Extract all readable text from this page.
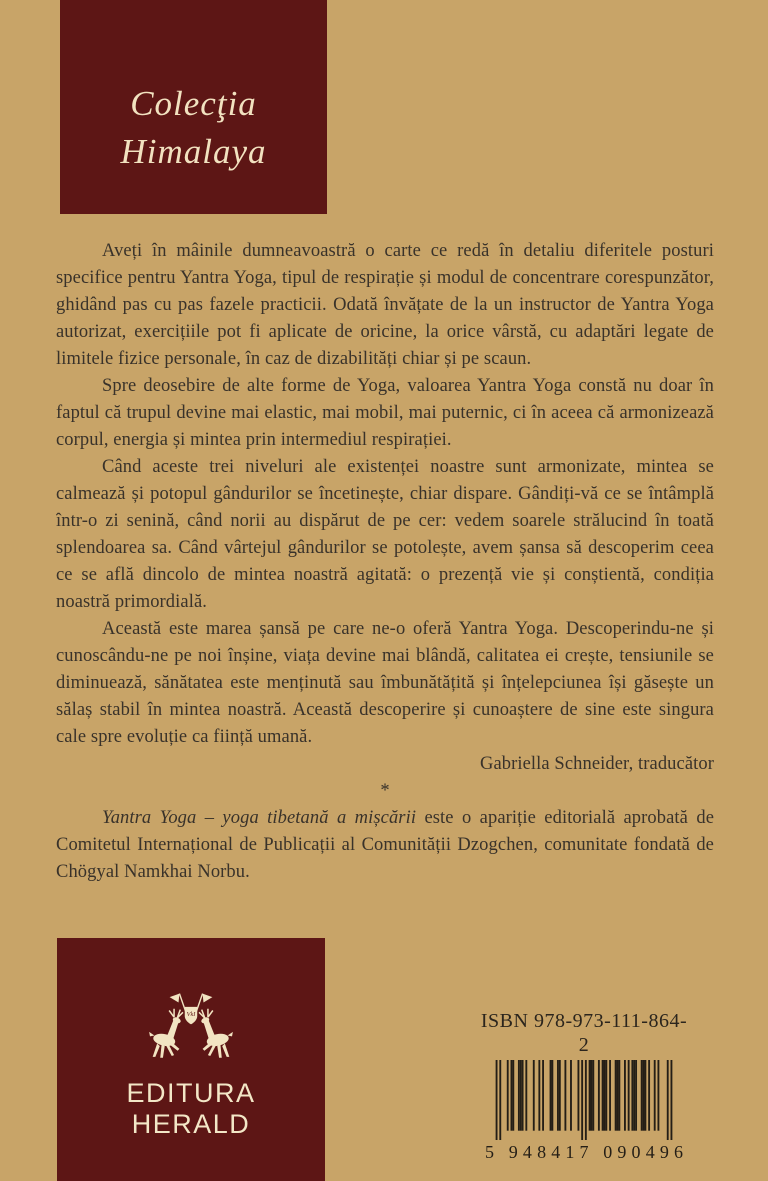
Colecţia
Himalaya

Aveți în mâinile dumneavoastră o carte ce redă în detaliu diferitele posturi specifice pentru Yantra Yoga, tipul de respirație și modul de concentrare corespunzător, ghidând pas cu pas fazele practicii. Odată învățate de la un instructor de Yantra Yoga autorizat, exercițiile pot fi aplicate de oricine, la orice vârstă, cu adaptări legate de limitele fizice personale, în caz de dizabilități chiar și pe scaun.

Spre deosebire de alte forme de Yoga, valoarea Yantra Yoga constă nu doar în faptul că trupul devine mai elastic, mai mobil, mai puternic, ci în aceea că armonizează corpul, energia și mintea prin intermediul respirației.

Când aceste trei niveluri ale existenței noastre sunt armonizate, mintea se calmează și potopul gândurilor se încetinește, chiar dispare. Gândiți-vă ce se întâmplă într-o zi senină, când norii au dispărut de pe cer: vedem soarele strălucind în toată splendoarea sa. Când vârtejul gândurilor se potolește, avem șansa să descoperim ceea ce se află dincolo de mintea noastră agitată: o prezență vie și conștientă, condiția noastră primordială.

Această este marea șansă pe care ne-o oferă Yantra Yoga. Descoperindu-ne și cunoscându-ne pe noi înșine, viața devine mai blândă, calitatea ei crește, tensiunile se diminuează, sănătatea este menținută sau îmbunătățită și înțelepciunea își găsește un sălaș stabil în mintea noastră. Această descoperire și cunoaștere de sine este singura cale spre evoluție ca ființă umană.

Gabriella Schneider, traducător

*

Yantra Yoga – yoga tibetană a mișcării este o apariție editorială aprobată de Comitetul Internațional de Publicații al Comunității Dzogchen, comunitate fondată de Chögyal Namkhai Norbu.

VkI
EDITURA
HERALD
ISBN 978-973-111-864-2
5
9 4 8 4 1 7
0 9 0 4 9 6
